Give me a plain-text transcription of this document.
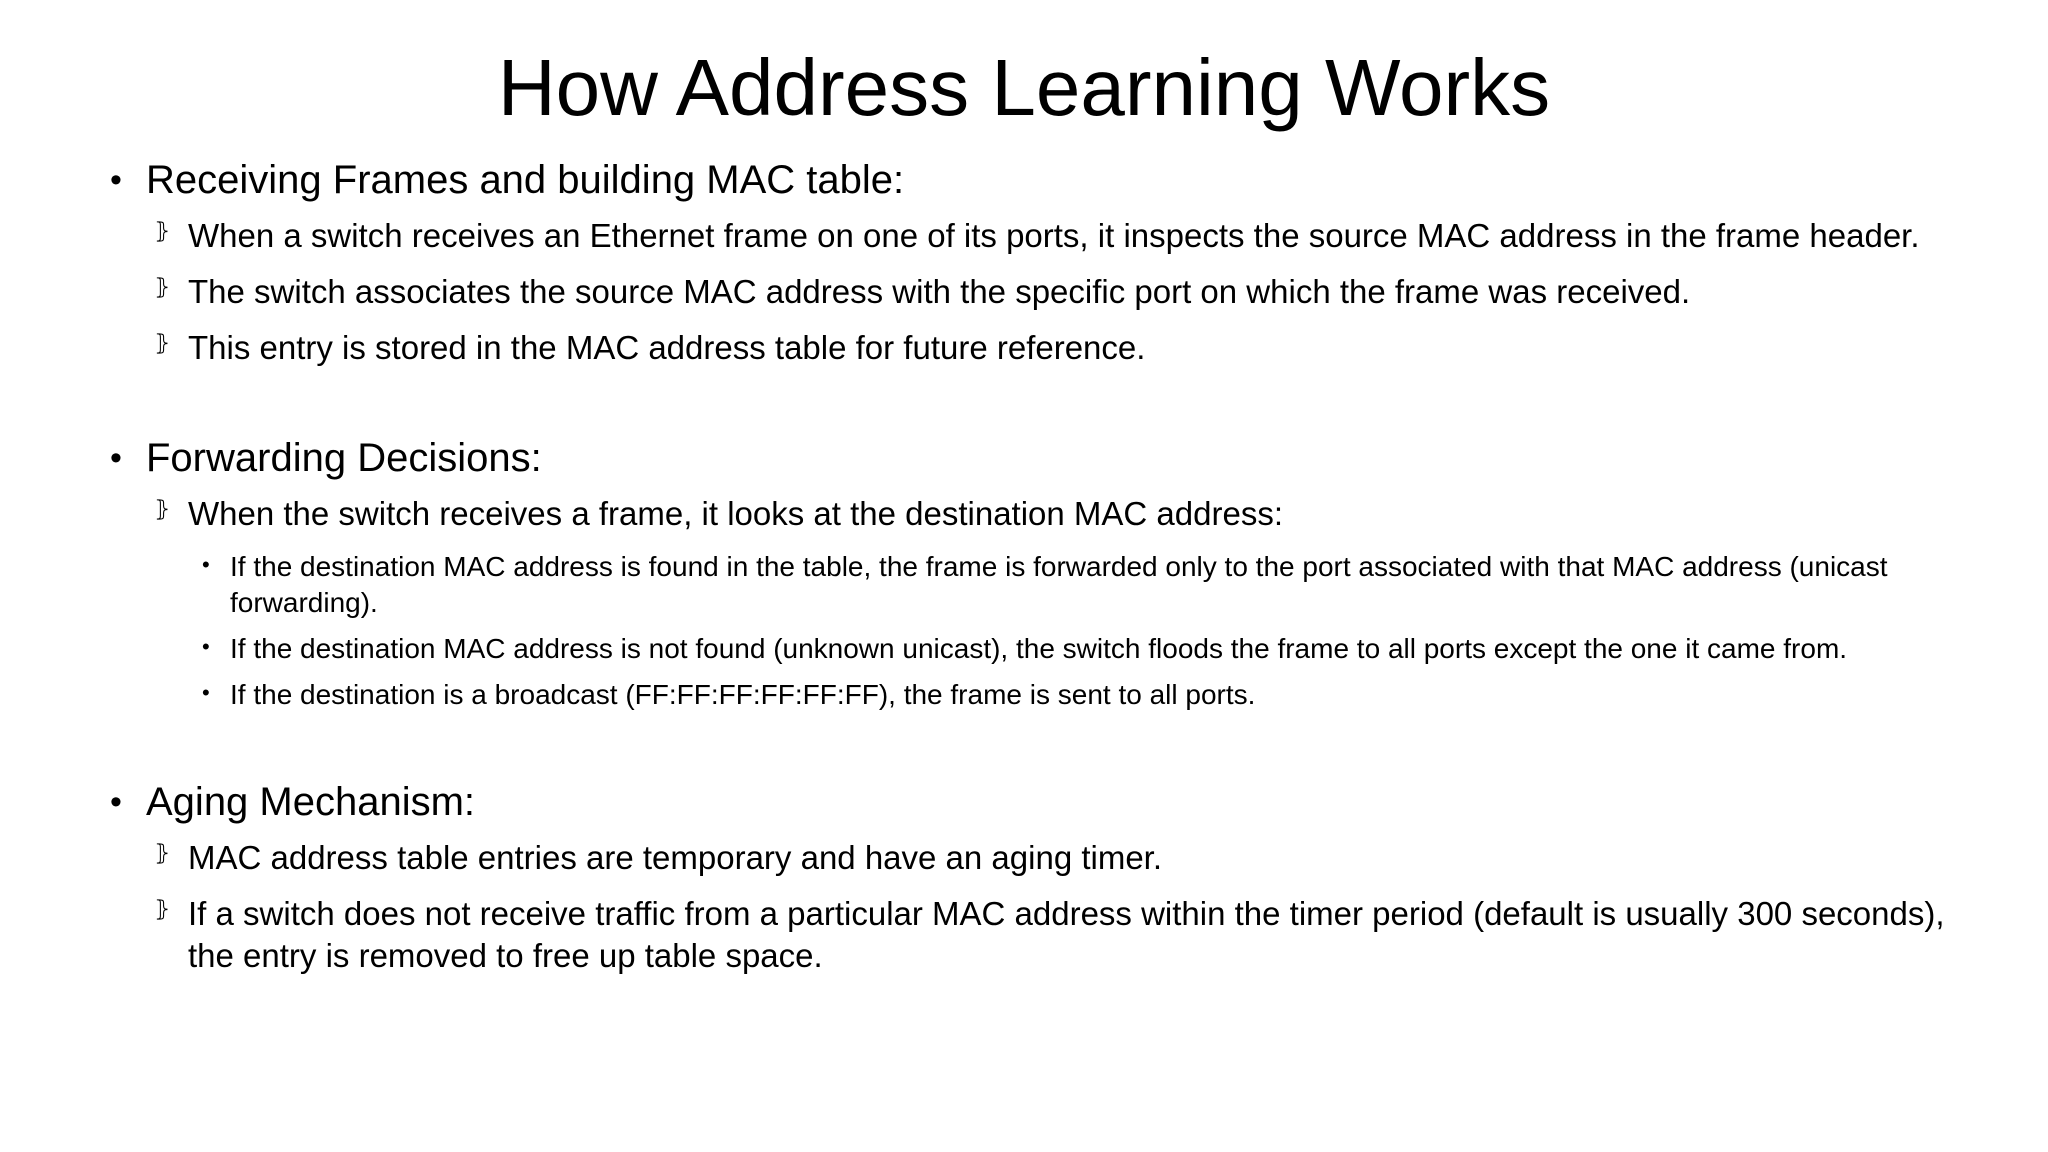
How Address Learning Works
• Receiving Frames and building MAC table:
⦄ When a switch receives an Ethernet frame on one of its ports, it inspects the source MAC address in the frame header.
⦄ The switch associates the source MAC address with the specific port on which the frame was received.
⦄ This entry is stored in the MAC address table for future reference.
• Forwarding Decisions:
⦄ When the switch receives a frame, it looks at the destination MAC address:
• If the destination MAC address is found in the table, the frame is forwarded only to the port associated with that MAC address (unicast forwarding).
• If the destination MAC address is not found (unknown unicast), the switch floods the frame to all ports except the one it came from.
• If the destination is a broadcast (FF:FF:FF:FF:FF:FF), the frame is sent to all ports.
• Aging Mechanism:
⦄ MAC address table entries are temporary and have an aging timer.
⦄ If a switch does not receive traffic from a particular MAC address within the timer period (default is usually 300 seconds), the entry is removed to free up table space.
